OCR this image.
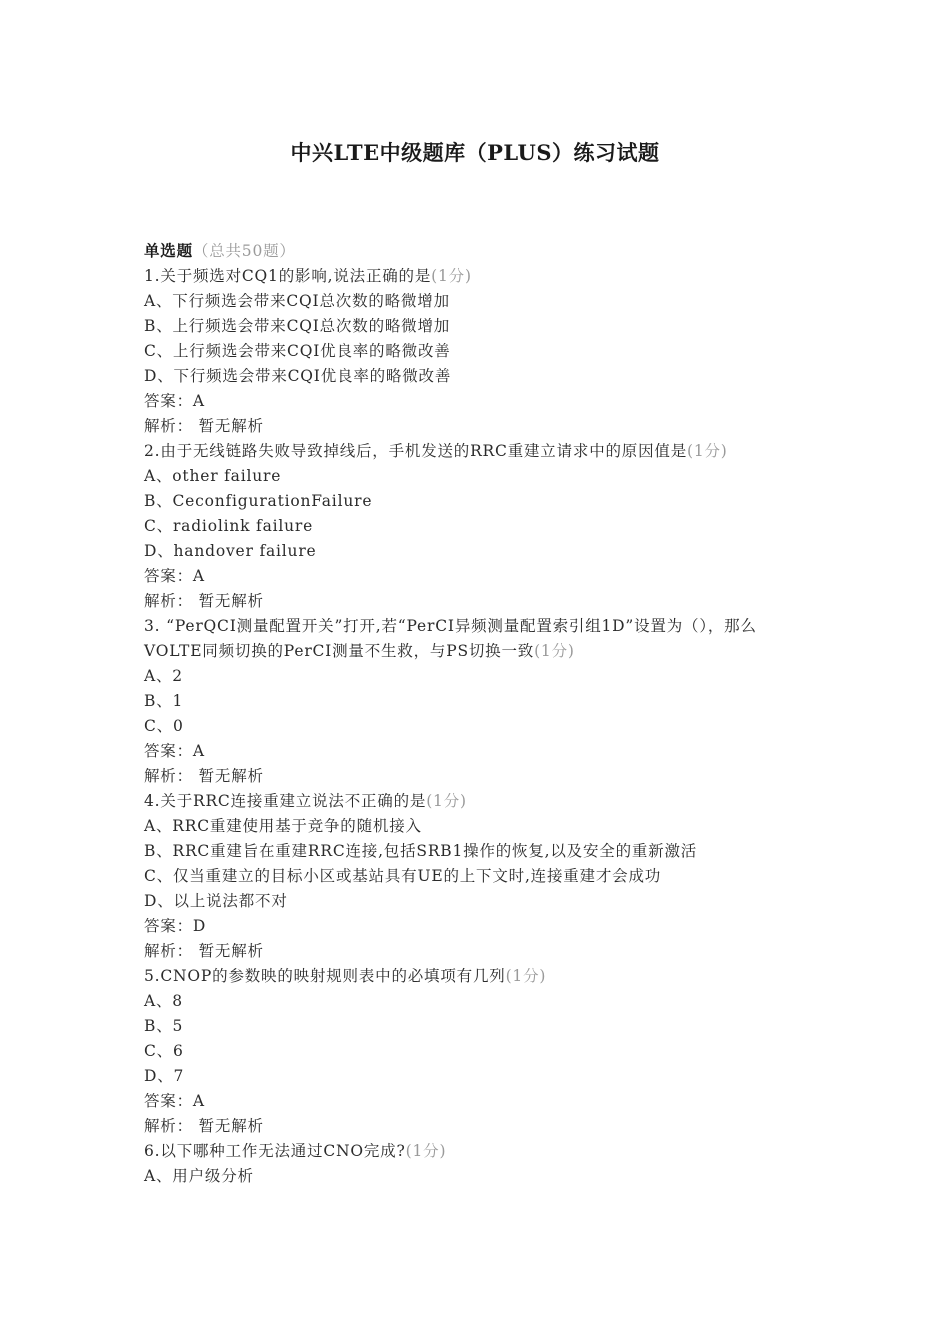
中兴LTE中级题库（PLUS）练习试题
单选题（总共50题）
1.关于频选对CQ1的影响,说法正确的是(1分)
A、下行频选会带来CQI总次数的略微增加
B、上行频选会带来CQI总次数的略微增加
C、上行频选会带来CQI优良率的略微改善
D、下行频选会带来CQI优良率的略微改善
答案：A
解析： 暂无解析
2.由于无线链路失败导致掉线后，手机发送的RRC重建立请求中的原因值是(1分)
A、other failure
B、CeconfigurationFailure
C、radiolink failure
D、handover failure
答案：A
解析： 暂无解析
3. “PerQCI测量配置开关”打开,若“PerCI异频测量配置索引组1D”设置为（），那么VOLTE同频切换的PerCI测量不生救，与PS切换一致(1分)
A、2
B、1
C、0
答案：A
解析： 暂无解析
4.关于RRC连接重建立说法不正确的是(1分)
A、RRC重建使用基于竞争的随机接入
B、RRC重建旨在重建RRC连接,包括SRB1操作的恢复,以及安全的重新激活
C、仅当重建立的目标小区或基站具有UE的上下文时,连接重建才会成功
D、以上说法都不对
答案：D
解析： 暂无解析
5.CNOP的参数映的映射规则表中的必填项有几列(1分)
A、8
B、5
C、6
D、7
答案：A
解析： 暂无解析
6.以下哪种工作无法通过CNO完成?(1分)
A、用户级分析
